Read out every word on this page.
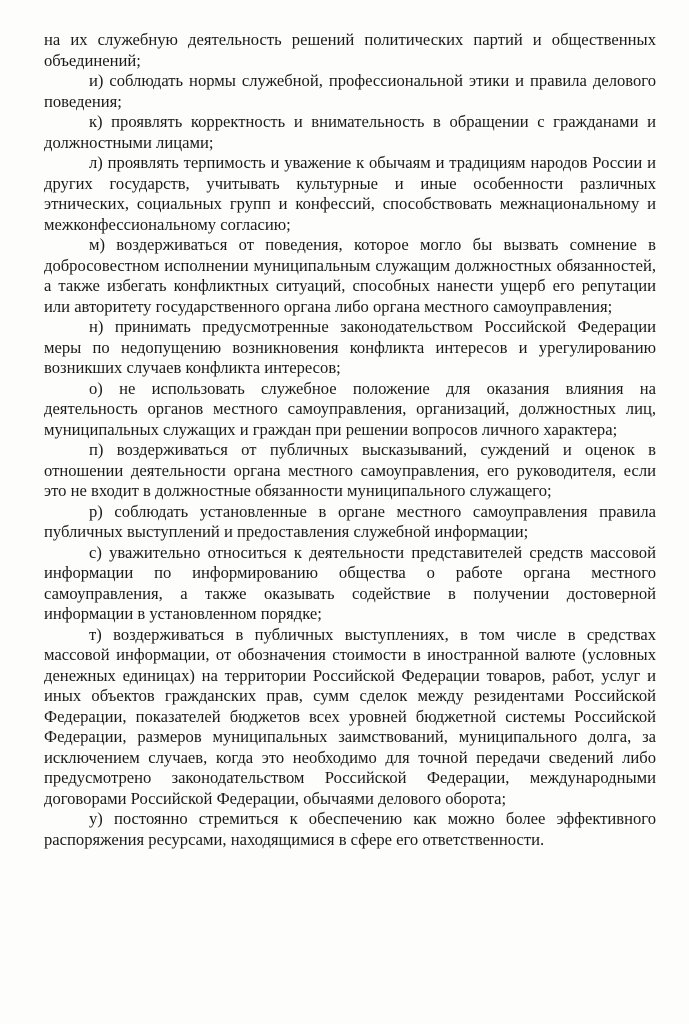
на их служебную деятельность решений политических партий и общественных объединений;

и) соблюдать нормы служебной, профессиональной этики и правила делового поведения;

к) проявлять корректность и внимательность в обращении с гражданами и должностными лицами;

л) проявлять терпимость и уважение к обычаям и традициям народов России и других государств, учитывать культурные и иные особенности различных этнических, социальных групп и конфессий, способствовать межнациональному и межконфессиональному согласию;

м) воздерживаться от поведения, которое могло бы вызвать сомнение в добросовестном исполнении муниципальным служащим должностных обязанностей, а также избегать конфликтных ситуаций, способных нанести ущерб его репутации или авторитету государственного органа либо органа местного самоуправления;

н) принимать предусмотренные законодательством Российской Федерации меры по недопущению возникновения конфликта интересов и урегулированию возникших случаев конфликта интересов;

о) не использовать служебное положение для оказания влияния на деятельность органов местного самоуправления, организаций, должностных лиц, муниципальных служащих и граждан при решении вопросов личного характера;

п) воздерживаться от публичных высказываний, суждений и оценок в отношении деятельности органа местного самоуправления, его руководителя, если это не входит в должностные обязанности муниципального служащего;

р) соблюдать установленные в органе местного самоуправления правила публичных выступлений и предоставления служебной информации;

с) уважительно относиться к деятельности представителей средств массовой информации по информированию общества о работе органа местного самоуправления, а также оказывать содействие в получении достоверной информации в установленном порядке;

т) воздерживаться в публичных выступлениях, в том числе в средствах массовой информации, от обозначения стоимости в иностранной валюте (условных денежных единицах) на территории Российской Федерации товаров, работ, услуг и иных объектов гражданских прав, сумм сделок между резидентами Российской Федерации, показателей бюджетов всех уровней бюджетной системы Российской Федерации, размеров муниципальных заимствований, муниципального долга, за исключением случаев, когда это необходимо для точной передачи сведений либо предусмотрено законодательством Российской Федерации, международными договорами Российской Федерации, обычаями делового оборота;

у) постоянно стремиться к обеспечению как можно более эффективного распоряжения ресурсами, находящимися в сфере его ответственности.
